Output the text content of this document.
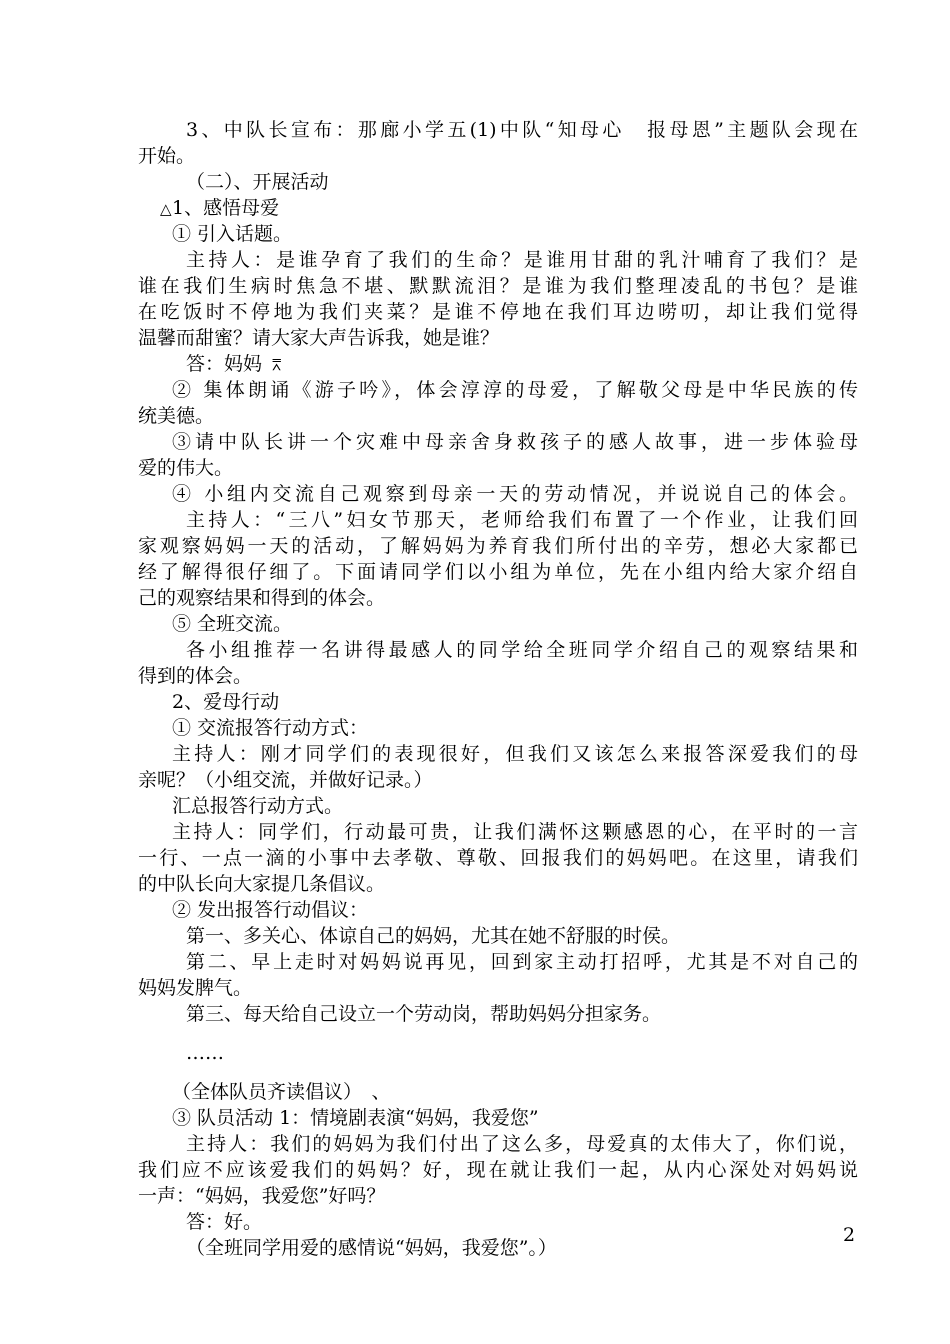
3、中队长宣布：那廊小学五(1)中队“知母心　报母恩”主题队会现在
开始。
（二）、开展活动
△ 1、感悟母爱
① 引入话题。
主持人：是谁孕育了我们的生命？是谁用甘甜的乳汁哺育了我们？是
谁在我们生病时焦急不堪、默默流泪？是谁为我们整理凌乱的书包？是谁
在吃饭时不停地为我们夹菜？是谁不停地在我们耳边唠叨，却让我们觉得
温馨而甜蜜？请大家大声告诉我，她是谁？
答：妈妈 ⩞
② 集体朗诵《游子吟》，体会淳淳的母爱，了解敬父母是中华民族的传
统美德。
③请中队长讲一个灾难中母亲舍身救孩子的感人故事，进一步体验母
爱的伟大。
④ 小组内交流自己观察到母亲一天的劳动情况，并说说自己的体会。
主持人：“三八”妇女节那天，老师给我们布置了一个作业，让我们回
家观察妈妈一天的活动，了解妈妈为养育我们所付出的辛劳，想必大家都已
经了解得很仔细了。下面请同学们以小组为单位，先在小组内给大家介绍自
己的观察结果和得到的体会。
⑤ 全班交流。
各小组推荐一名讲得最感人的同学给全班同学介绍自己的观察结果和
得到的体会。
2、爱母行动
① 交流报答行动方式：
主持人：刚才同学们的表现很好，但我们又该怎么来报答深爱我们的母
亲呢？（小组交流，并做好记录。）
汇总报答行动方式。
主持人：同学们，行动最可贵，让我们满怀这颗感恩的心，在平时的一言
一行、一点一滴的小事中去孝敬、尊敬、回报我们的妈妈吧。在这里，请我们
的中队长向大家提几条倡议。
② 发出报答行动倡议：
第一、多关心、体谅自己的妈妈，尤其在她不舒服的时侯。
第二、早上走时对妈妈说再见，回到家主动打招呼，尤其是不对自己的
妈妈发脾气。
第三、每天给自己设立一个劳动岗，帮助妈妈分担家务。
……
（全体队员齐读倡议）　、
③ 队员活动 1：情境剧表演“妈妈，我爱您”
主持人：我们的妈妈为我们付出了这么多，母爱真的太伟大了，你们说，
我们应不应该爱我们的妈妈？好，现在就让我们一起，从内心深处对妈妈说
一声：“妈妈，我爱您”好吗？
答：好。
（全班同学用爱的感情说“妈妈，我爱您”。）
2
